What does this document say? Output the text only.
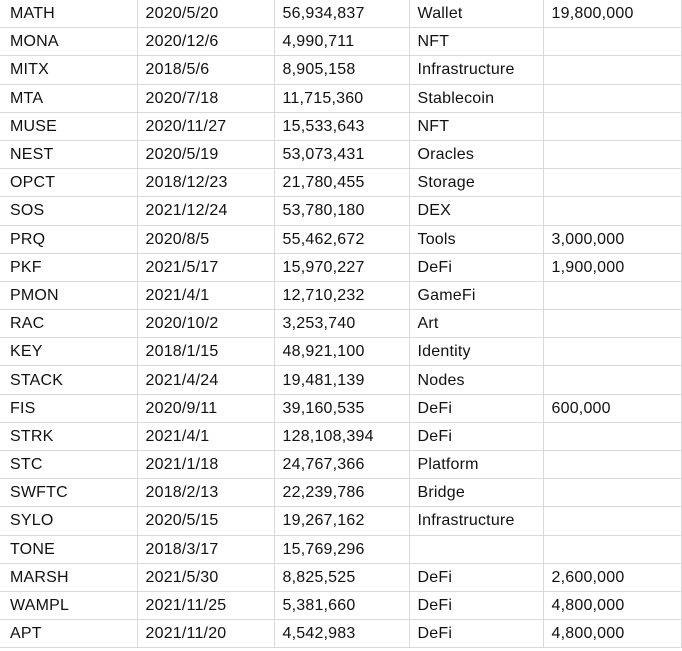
MATH	2020/5/20	56,934,837	Wallet	19,800,000
MONA	2020/12/6	4,990,711	NFT	
MITX	2018/5/6	8,905,158	Infrastructure	
MTA	2020/7/18	11,715,360	Stablecoin	
MUSE	2020/11/27	15,533,643	NFT	
NEST	2020/5/19	53,073,431	Oracles	
OPCT	2018/12/23	21,780,455	Storage	
SOS	2021/12/24	53,780,180	DEX	
PRQ	2020/8/5	55,462,672	Tools	3,000,000
PKF	2021/5/17	15,970,227	DeFi	1,900,000
PMON	2021/4/1	12,710,232	GameFi	
RAC	2020/10/2	3,253,740	Art	
KEY	2018/1/15	48,921,100	Identity	
STACK	2021/4/24	19,481,139	Nodes	
FIS	2020/9/11	39,160,535	DeFi	600,000
STRK	2021/4/1	128,108,394	DeFi	
STC	2021/1/18	24,767,366	Platform	
SWFTC	2018/2/13	22,239,786	Bridge	
SYLO	2020/5/15	19,267,162	Infrastructure	
TONE	2018/3/17	15,769,296		
MARSH	2021/5/30	8,825,525	DeFi	2,600,000
WAMPL	2021/11/25	5,381,660	DeFi	4,800,000
APT	2021/11/20	4,542,983	DeFi	4,800,000
